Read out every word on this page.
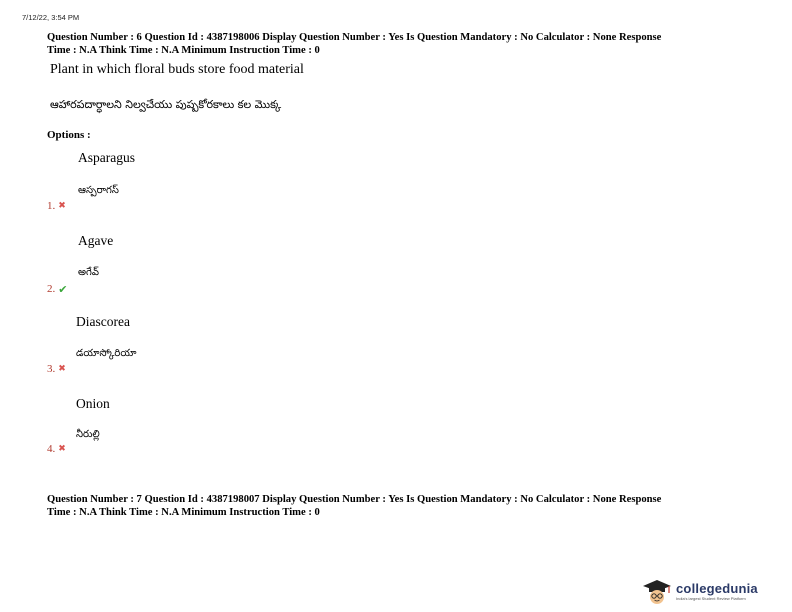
7/12/22, 3:54 PM
Question Number : 6 Question Id : 4387198006 Display Question Number : Yes Is Question Mandatory : No Calculator : None Response
Time : N.A Think Time : N.A Minimum Instruction Time : 0
Plant in which floral buds store food material
ఆహారపదార్ధాలని నిల్వచేయు పుష్పకోరకాలు కల మొక్క
Options :
Asparagus
ఆస్పరాగస్
1. ✖
Agave
అగేవ్
2. ✔
Diascorea
డయాస్కోరియా
3. ✖
Onion
నీరుల్లి
4. ✖
Question Number : 7 Question Id : 4387198007 Display Question Number : Yes Is Question Mandatory : No Calculator : None Response
Time : N.A Think Time : N.A Minimum Instruction Time : 0
collegedunia
India's largest Student Review Platform
